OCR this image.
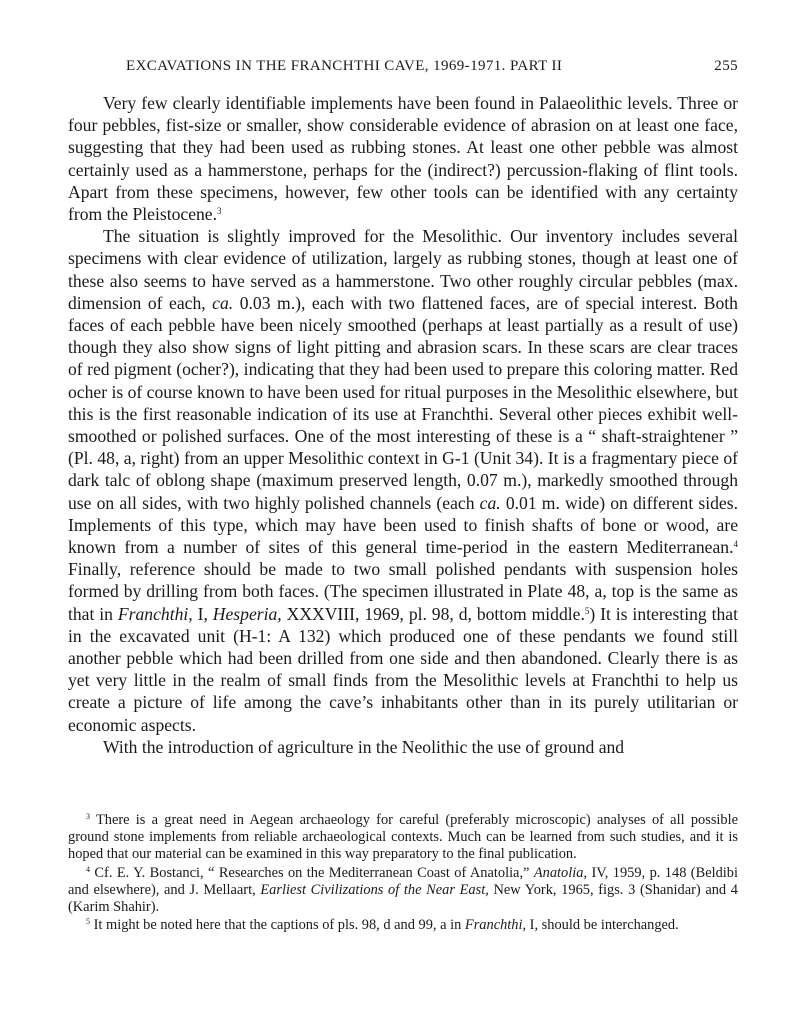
EXCAVATIONS IN THE FRANCHTHI CAVE, 1969-1971. PART II	255

Very few clearly identifiable implements have been found in Palaeolithic levels. Three or four pebbles, fist-size or smaller, show considerable evidence of abrasion on at least one face, suggesting that they had been used as rubbing stones. At least one other pebble was almost certainly used as a hammerstone, perhaps for the (indirect?) percussion-flaking of flint tools. Apart from these specimens, however, few other tools can be identified with any certainty from the Pleistocene.$^3$

The situation is slightly improved for the Mesolithic. Our inventory includes several specimens with clear evidence of utilization, largely as rubbing stones, though at least one of these also seems to have served as a hammerstone. Two other roughly circular pebbles (max. dimension of each, ca. 0.03 m.), each with two flattened faces, are of special interest. Both faces of each pebble have been nicely smoothed (perhaps at least partially as a result of use) though they also show signs of light pitting and abrasion scars. In these scars are clear traces of red pigment (ocher?), indicating that they had been used to prepare this coloring matter. Red ocher is of course known to have been used for ritual purposes in the Mesolithic elsewhere, but this is the first reasonable indication of its use at Franchthi. Several other pieces exhibit well-smoothed or polished surfaces. One of the most interesting of these is a “ shaft-straightener ” (Pl. 48, a, right) from an upper Mesolithic context in G-1 (Unit 34). It is a fragmentary piece of dark talc of oblong shape (maximum preserved length, 0.07 m.), markedly smoothed through use on all sides, with two highly polished channels (each ca. 0.01 m. wide) on different sides. Implements of this type, which may have been used to finish shafts of bone or wood, are known from a number of sites of this general time-period in the eastern Mediterranean.$^4$ Finally, reference should be made to two small polished pendants with suspension holes formed by drilling from both faces. (The specimen illustrated in Plate 48, a, top is the same as that in Franchthi, I, Hesperia, XXXVIII, 1969, pl. 98, d, bottom middle.$^5$) It is interesting that in the excavated unit (H-1: A 132) which produced one of these pendants we found still another pebble which had been drilled from one side and then abandoned. Clearly there is as yet very little in the realm of small finds from the Mesolithic levels at Franchthi to help us create a picture of life among the cave’s inhabitants other than in its purely utilitarian or economic aspects.

With the introduction of agriculture in the Neolithic the use of ground and

$^3$ There is a great need in Aegean archaeology for careful (preferably microscopic) analyses of all possible ground stone implements from reliable archaeological contexts. Much can be learned from such studies, and it is hoped that our material can be examined in this way preparatory to the final publication.

$^4$ Cf. E. Y. Bostanci, “ Researches on the Mediterranean Coast of Anatolia,” Anatolia, IV, 1959, p. 148 (Beldibi and elsewhere), and J. Mellaart, Earliest Civilizations of the Near East, New York, 1965, figs. 3 (Shanidar) and 4 (Karim Shahir).

$^5$ It might be noted here that the captions of pls. 98, d and 99, a in Franchthi, I, should be interchanged.
